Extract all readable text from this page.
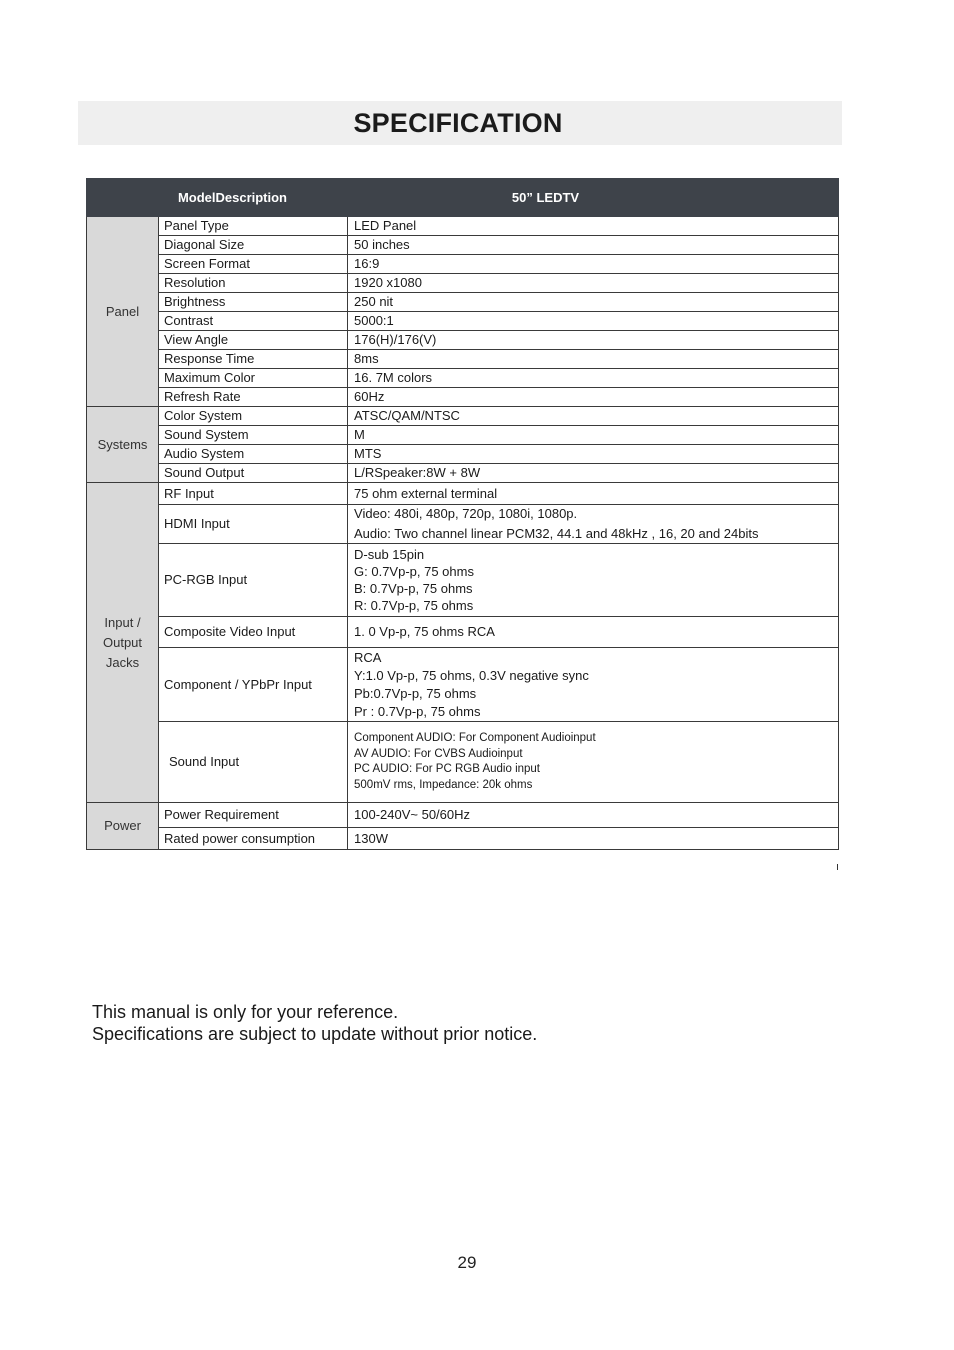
SPECIFICATION
ModelDescription		50” LEDTV
Panel	Panel Type	LED Panel
	Diagonal Size	50 inches
	Screen Format	16:9
	Resolution	1920 x1080
	Brightness	250 nit
	Contrast	5000:1
	View Angle	176(H)/176(V)
	Response Time	8ms
	Maximum Color	16. 7M colors
	Refresh Rate	60Hz
Systems	Color System	ATSC/QAM/NTSC
	Sound System	M
	Audio System	MTS
	Sound Output	L/RSpeaker:8W + 8W

Input /
Output
Jacks	RF Input	75 ohm external terminal
	HDMI Input	Video: 480i, 480p, 720p, 1080i, 1080p.
Audio: Two channel linear PCM32, 44.1 and 48kHz , 16, 20 and 24bits

	PC-RGB Input	D-sub 15pin
G: 0.7Vp-p, 75 ohms
B: 0.7Vp-p, 75 ohms
R: 0.7Vp-p, 75 ohms

	Composite Video Input	1. 0 Vp-p, 75 ohms RCA
	Component / YPbPr Input	RCA
Y:1.0 Vp-p, 75 ohms, 0.3V negative sync
Pb:0.7Vp-p, 75 ohms
Pr : 0.7Vp-p, 75 ohms

	Sound Input	Component AUDIO: For Component Audioinput
AV AUDIO: For CVBS Audioinput
PC AUDIO: For PC RGB Audio input
500mV rms, Impedance: 20k ohms

Power	Power Requirement	100-240V~ 50/60Hz
	Rated power consumption	130W
This manual is only for your reference.
Specifications are subject to update without prior notice.
29
